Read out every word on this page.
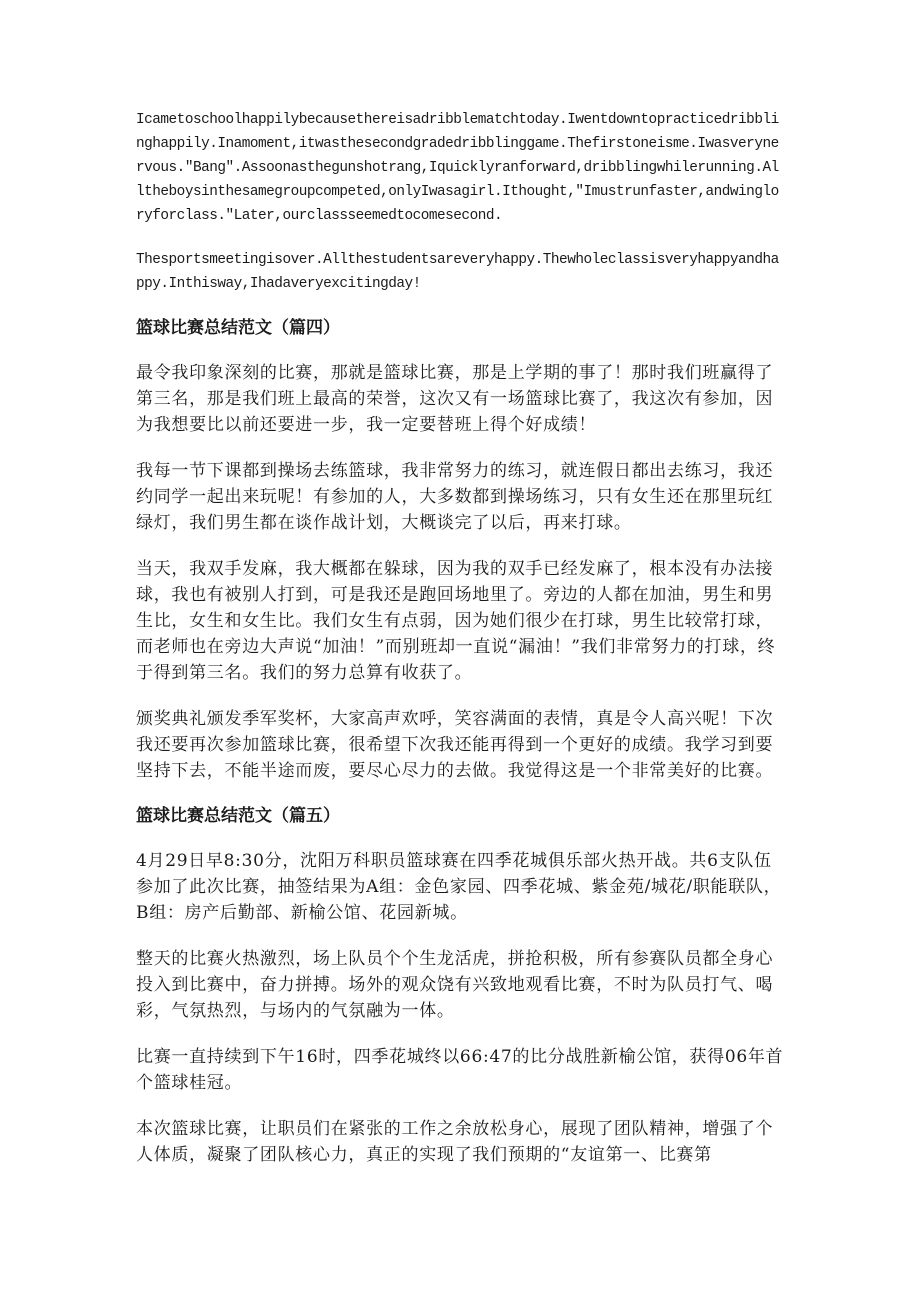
Icametoschoolhappilybecausethereisadribblematchtoday.Iwentdowntopracticedribblinghappily.Inamoment,itwasthesecondgradedribblinggame.Thefirstoneisme.Iwasverynervous."Bang".Assoonasthegunshotrang,Iquicklyranforward,dribblingwhilerunning.Alltheboysinthesamegroupcompeted,onlyIwasagirl.Ithought,"Imustrunfaster,andwingloryforclass."Later,ourclassseemedtocomesecond.

Thesportsmeetingisover.Allthestudentsareveryhappy.Thewholeclassisveryhappyandhappy.Inthisway,Ihadaveryexcitingday!

篮球比赛总结范文（篇四）

最令我印象深刻的比赛，那就是篮球比赛，那是上学期的事了！那时我们班赢得了第三名，那是我们班上最高的荣誉，这次又有一场篮球比赛了，我这次有参加，因为我想要比以前还要进一步，我一定要替班上得个好成绩！

我每一节下课都到操场去练篮球，我非常努力的练习，就连假日都出去练习，我还约同学一起出来玩呢！有参加的人，大多数都到操场练习，只有女生还在那里玩红绿灯，我们男生都在谈作战计划，大概谈完了以后，再来打球。

当天，我双手发麻，我大概都在躲球，因为我的双手已经发麻了，根本没有办法接球，我也有被别人打到，可是我还是跑回场地里了。旁边的人都在加油，男生和男生比，女生和女生比。我们女生有点弱，因为她们很少在打球，男生比较常打球，而老师也在旁边大声说“加油！”而别班却一直说“漏油！”我们非常努力的打球，终于得到第三名。我们的努力总算有收获了。

颁奖典礼颁发季军奖杯，大家高声欢呼，笑容满面的表情，真是令人高兴呢！下次我还要再次参加篮球比赛，很希望下次我还能再得到一个更好的成绩。我学习到要坚持下去，不能半途而废，要尽心尽力的去做。我觉得这是一个非常美好的比赛。

篮球比赛总结范文（篇五）

4月29日早8:30分，沈阳万科职员篮球赛在四季花城俱乐部火热开战。共6支队伍参加了此次比赛，抽签结果为A组：金色家园、四季花城、紫金苑/城花/职能联队，B组：房产后勤部、新榆公馆、花园新城。

整天的比赛火热激烈，场上队员个个生龙活虎，拼抢积极，所有参赛队员都全身心投入到比赛中，奋力拼搏。场外的观众饶有兴致地观看比赛，不时为队员打气、喝彩，气氛热烈，与场内的气氛融为一体。

比赛一直持续到下午16时，四季花城终以66:47的比分战胜新榆公馆，获得06年首个篮球桂冠。

本次篮球比赛，让职员们在紧张的工作之余放松身心，展现了团队精神，增强了个人体质，凝聚了团队核心力，真正的实现了我们预期的“友谊第一、比赛第
